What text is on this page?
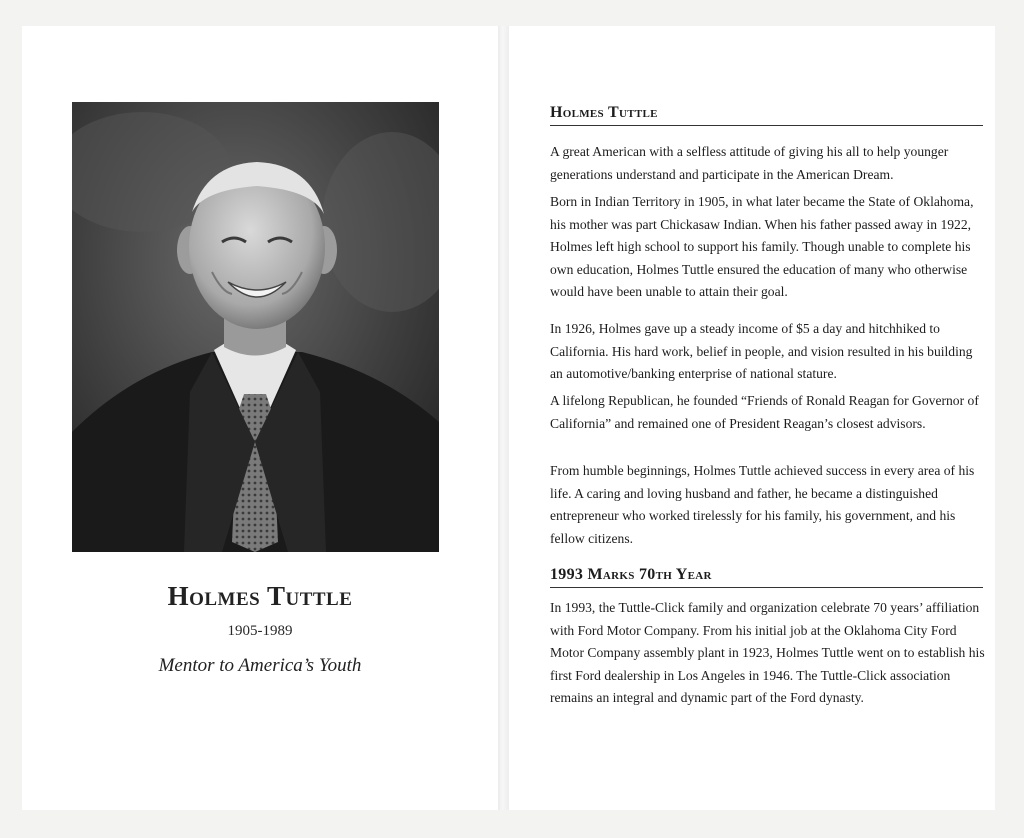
Holmes Tuttle
1905-1989
Mentor to America’s Youth
Holmes Tuttle

A great American with a selfless attitude of giving his all to help younger generations understand and participate in the American Dream.

Born in Indian Territory in 1905, in what later became the State of Oklahoma, his mother was part Chickasaw Indian. When his father passed away in 1922, Holmes left high school to support his family. Though unable to complete his own education, Holmes Tuttle ensured the education of many who otherwise would have been unable to attain their goal.

In 1926, Holmes gave up a steady income of $5 a day and hitchhiked to California. His hard work, belief in people, and vision resulted in his building an automotive/banking enterprise of national stature.

A lifelong Republican, he founded “Friends of Ronald Reagan for Governor of California” and remained one of President Reagan’s closest advisors.

From humble beginnings, Holmes Tuttle achieved success in every area of his life. A caring and loving husband and father, he became a distinguished entrepreneur who worked tirelessly for his family, his government, and his fellow citizens.

1993 Marks 70th Year

In 1993, the Tuttle-Click family and organization celebrate 70 years’ affiliation with Ford Motor Company. From his initial job at the Oklahoma City Ford Motor Company assembly plant in 1923, Holmes Tuttle went on to establish his first Ford dealership in Los Angeles in 1946. The Tuttle-Click association remains an integral and dynamic part of the Ford dynasty.
